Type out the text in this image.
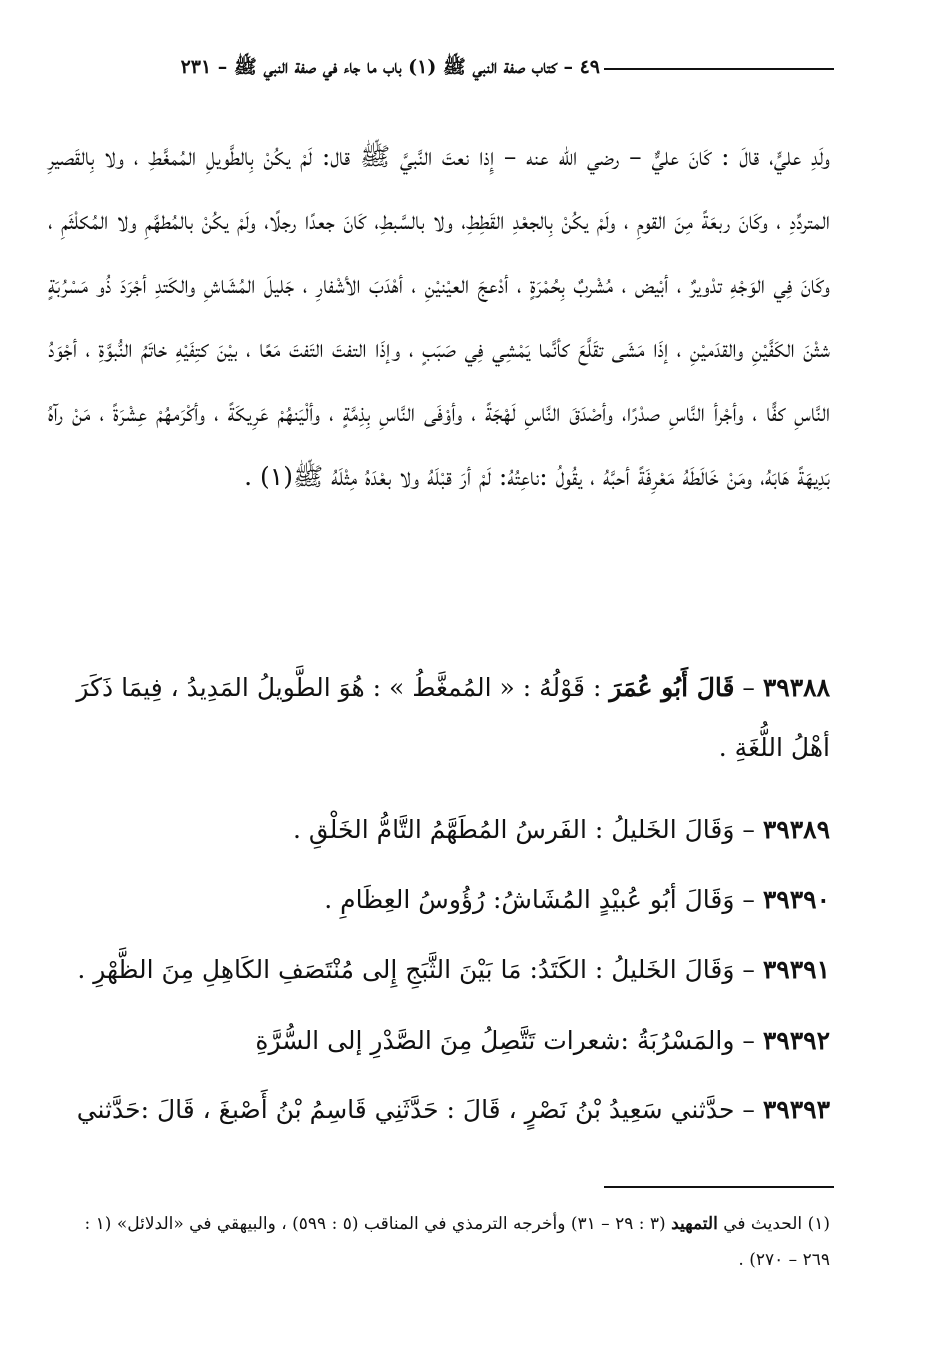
٤٩ – كتاب صفة النبي ﷺ (١) باب ما جاء في صفة النبي ﷺ – ٢٣١
ولَدِ عليٍّ، قالَ : كَانَ عليٌّ – رضي الله عنه – إِذا نعتَ النَّبيَّ ﷺ قال: لَمْ يكُنْ بِالطَّويلِ المُمغَّطِ ، ولا بِالقَصيرِ المتردِّدِ ، وكَانَ ربعَةً مِنَ القومِ ، ولَمْ يكُنْ بِالجعْدِ القَطِطِ، ولا بالسَّبطِ، كَانَ جعدًا رجلًا، ولَمْ يكُنْ بالمُطهَّمِ ولا المُكلْثَمِ ، وكَانَ فِي الوَجْهِ تدْويرٌ ، أبْيض ، مُشْربٌ بِحُمْرَةٍ ، أدْعجَ العيْنيْنِ ، أهْدَبَ الأشْفارِ ، جَليلَ المُشَاشِ والكَتدِ أجْرَدَ ذُو مَسْرُبَةٍ شثْنَ الكَفَّيْنِ والقدَميْنِ ، إذَا مَشَى تقَلَّعَ كأنَّما يَمْشِي فِي صَبَبٍ ، وإذَا التفتَ التَفتَ مَعًا ، بيْنَ كتِفَيْهِ خاتَمُ النُّبوَّةِ ، أجْوَدُ النَّاسِ كفًّا ، وأجْرأ النَّاسِ صدْرًا، وأصْدَقَ النَّاسِ لَهْجَةً ، وأوْفَى النَّاسِ بِذِمَّةٍ ، وألْيَنهُمْ عَرِيكَةً ، وأكْرَمهُمْ عِشْرَةً ، مَنْ رآهُ بَدِيهَةً هَابَهُ، ومَنْ خَالَطَهُ مَعْرِفَةً أحبَّهُ ، يقُولُ :ناعِتُهُ: لَمْ أرَ قبْلَهُ ولا بعْدَهُ مِثْلَهُ ﷺ(١) .
٣٩٣٨٨ – قَالَ أَبُو عُمَرَ : قَوْلُهُ : « المُمغَّطُ » : هُوَ الطَّويلُ المَدِيدُ ، فِيمَا ذَكَرَ أهْلُ اللُّغَةِ .
٣٩٣٨٩ – وَقَالَ الخَليلُ : الفَرسُ المُطَهَّمُ التَّامُّ الخَلْقِ .
٣٩٣٩٠ – وَقَالَ أبُو عُبيْدٍ المُشَاشُ: رُؤُوسُ العِظَامِ .
٣٩٣٩١ – وَقَالَ الخَليلُ : الكَتَدُ: مَا بَيْنَ الثَّبَجِ إِلى مُنْتَصَفِ الكَاهِلِ مِنَ الظَّهْرِ .
٣٩٣٩٢ – والمَسْرُبَةُ :شعرات تَتَّصِلُ مِنَ الصَّدْرِ إلى السُّرَّةِ
٣٩٣٩٣ – حدَّثني سَعِيدُ بْنُ نَصْرٍ ، قَالَ : حَدَّثَنِي قَاسِمُ بْنُ أَصْبغَ ، قَالَ :حَدَّثني
(١) الحديث في التمهيد (٣ : ٢٩ – ٣١) وأخرجه الترمذي في المناقب (٥ : ٥٩٩) ، والبيهقي في «الدلائل» (١ : ٢٦٩ – ٢٧٠) .
